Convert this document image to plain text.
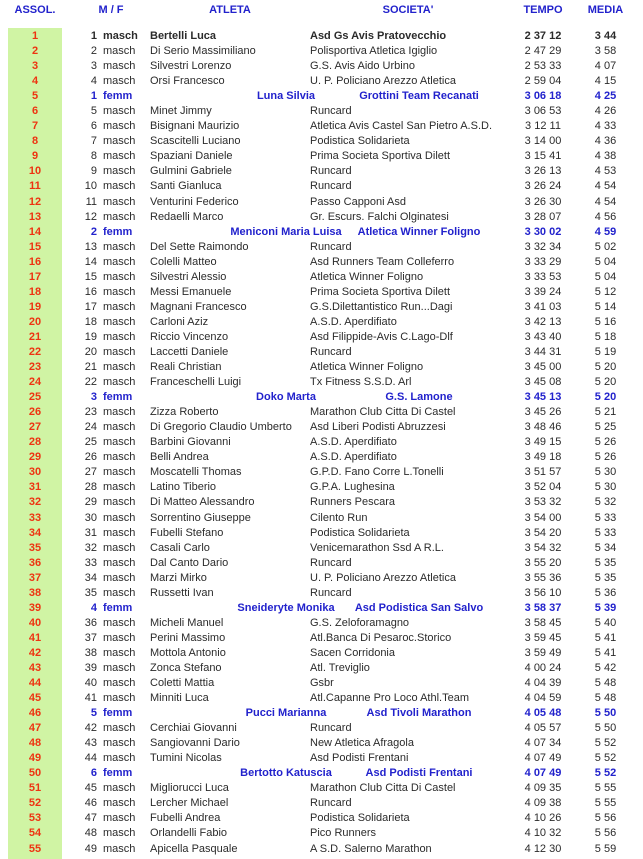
ASSOL.	M / F	ATLETA	SOCIETA'	TEMPO	MEDIA
1	1 masch Bertelli Luca	Asd Gs Avis Pratovecchio	2 37 12	3 44
2	2 masch Di Serio Massimiliano	Polisportiva Atletica Igiglio	2 47 29	3 58
3	3 masch Silvestri Lorenzo	G.S. Avis Aido Urbino	2 53 33	4 07
4	4 masch Orsi Francesco	U. P. Policiano Arezzo Atletica	2 59 04	4 15
5	1 femm	Luna Silvia	Grottini Team Recanati	3 06 18	4 25
6	5 masch Minet Jimmy	Runcard	3 06 53	4 26
7	6 masch Bisignani Maurizio	Atletica Avis Castel San Pietro A.S.D.	3 12 11	4 33
8	7 masch Scascitelli Luciano	Podistica Solidarieta	3 14 00	4 36
9	8 masch Spaziani Daniele	Prima Societa Sportiva Dilett	3 15 41	4 38
10	9 masch Gulmini Gabriele	Runcard	3 26 13	4 53
11	10 masch Santi Gianluca	Runcard	3 26 24	4 54
12	11 masch Venturini Federico	Passo Capponi Asd	3 26 30	4 54
13	12 masch Redaelli Marco	Gr. Escurs. Falchi Olginatesi	3 28 07	4 56
14	2 femm	Meniconi Maria Luisa	Atletica Winner Foligno	3 30 02	4 59
15	13 masch Del Sette Raimondo	Runcard	3 32 34	5 02
16	14 masch Colelli Matteo	Asd Runners Team Colleferro	3 33 29	5 04
17	15 masch Silvestri Alessio	Atletica Winner Foligno	3 33 53	5 04
18	16 masch Messi Emanuele	Prima Societa Sportiva Dilett	3 39 24	5 12
19	17 masch Magnani Francesco	G.S.Dilettantistico Run...Dagi	3 41 03	5 14
20	18 masch Carloni Aziz	A.S.D. Aperdifiato	3 42 13	5 16
21	19 masch Riccio Vincenzo	Asd Filippide-Avis C.Lago-Dlf	3 43 40	5 18
22	20 masch Laccetti Daniele	Runcard	3 44 31	5 19
23	21 masch Reali Christian	Atletica Winner Foligno	3 45 00	5 20
24	22 masch Franceschelli Luigi	Tx Fitness S.S.D. Arl	3 45 08	5 20
25	3 femm	Doko Marta	G.S. Lamone	3 45 13	5 20
26	23 masch Zizza Roberto	Marathon Club Citta Di Castel	3 45 26	5 21
27	24 masch Di Gregorio Claudio Umberto	Asd Liberi Podisti Abruzzesi	3 48 46	5 25
28	25 masch Barbini Giovanni	A.S.D. Aperdifiato	3 49 15	5 26
29	26 masch Belli Andrea	A.S.D. Aperdifiato	3 49 18	5 26
30	27 masch Moscatelli Thomas	G.P.D. Fano Corre L.Tonelli	3 51 57	5 30
31	28 masch Latino Tiberio	G.P.A. Lughesina	3 52 04	5 30
32	29 masch Di Matteo Alessandro	Runners Pescara	3 53 32	5 32
33	30 masch Sorrentino Giuseppe	Cilento Run	3 54 00	5 33
34	31 masch Fubelli Stefano	Podistica Solidarieta	3 54 20	5 33
35	32 masch Casali Carlo	Venicemarathon Ssd A R.L.	3 54 32	5 34
36	33 masch Dal Canto Dario	Runcard	3 55 20	5 35
37	34 masch Marzi Mirko	U. P. Policiano Arezzo Atletica	3 55 36	5 35
38	35 masch Russetti Ivan	Runcard	3 56 10	5 36
39	4 femm	Sneideryte Monika	Asd Podistica San Salvo	3 58 37	5 39
40	36 masch Micheli Manuel	G.S. Zeloforamagno	3 58 45	5 40
41	37 masch Perini Massimo	Atl.Banca Di Pesaroc.Storico	3 59 45	5 41
42	38 masch Mottola Antonio	Sacen Corridonia	3 59 49	5 41
43	39 masch Zonca Stefano	Atl. Treviglio	4 00 24	5 42
44	40 masch Coletti Mattia	Gsbr	4 04 39	5 48
45	41 masch Minniti Luca	Atl.Capanne Pro Loco Athl.Team	4 04 59	5 48
46	5 femm	Pucci Marianna	Asd Tivoli Marathon	4 05 48	5 50
47	42 masch Cerchiai Giovanni	Runcard	4 05 57	5 50
48	43 masch Sangiovanni Dario	New Atletica Afragola	4 07 34	5 52
49	44 masch Tumini Nicolas	Asd Podisti Frentani	4 07 49	5 52
50	6 femm	Bertotto Katuscia	Asd Podisti Frentani	4 07 49	5 52
51	45 masch Migliorucci Luca	Marathon Club Citta Di Castel	4 09 35	5 55
52	46 masch Lercher Michael	Runcard	4 09 38	5 55
53	47 masch Fubelli Andrea	Podistica Solidarieta	4 10 26	5 56
54	48 masch Orlandelli Fabio	Pico Runners	4 10 32	5 56
55	49 masch Apicella Pasquale	A S.D. Salerno Marathon	4 12 30	5 59
